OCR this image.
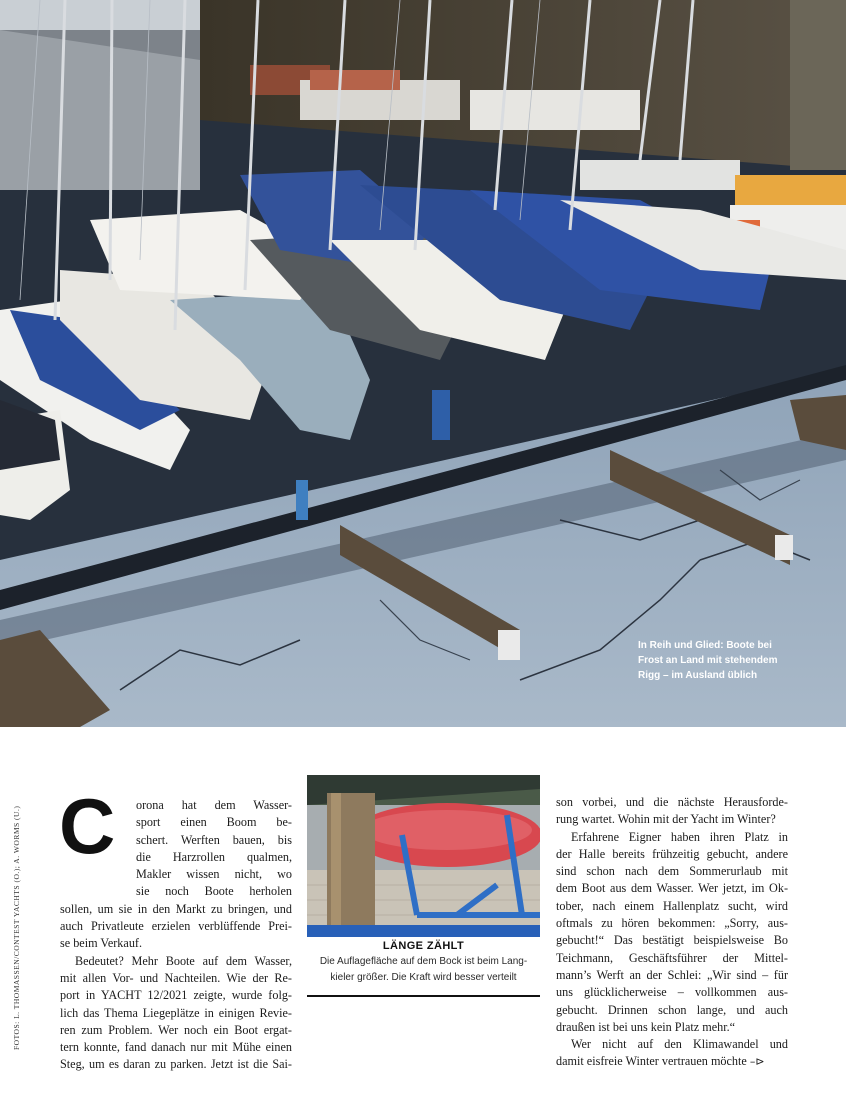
In Reih und Glied: Boote bei
Frost an Land mit stehendem
Rigg – im Ausland üblich
FOTOS: L. THOMASSEN/CONTEST YACHTS (O.); A. WORMS (U.) C	orona hat dem Wasser-
sport einen Boom be-
schert. Werften bauen, bis
die Harzrollen qualmen,
Makler wissen nicht, wo
sie noch Boote herholen
sollen, um sie in den Markt zu bringen, und
auch Privatleute erzielen verblüffende Prei-
se beim Verkauf.
Bedeutet? Mehr Boote auf dem Wasser,
mit allen Vor- und Nachteilen. Wie der Re-
port in YACHT 12/2021 zeigte, wurde folg-
lich das Thema Liegeplätze in einigen Revie-
ren zum Problem. Wer noch ein Boot ergat-
tern konnte, fand danach nur mit Mühe einen
Steg, um es daran zu parken. Jetzt ist die Sai-
LÄNGE ZÄHLT
Die Auflagefläche auf dem Bock ist beim Lang-
kieler größer. Die Kraft wird besser verteilt
son vorbei, und die nächste Herausforde-
rung wartet. Wohin mit der Yacht im Winter?
Erfahrene Eigner haben ihren Platz in
der Halle bereits frühzeitig gebucht, andere
sind schon nach dem Sommerurlaub mit
dem Boot aus dem Wasser. Wer jetzt, im Ok-
tober, nach einem Hallenplatz sucht, wird
oftmals zu hören bekommen: „Sorry, aus-
gebucht!“ Das bestätigt beispielsweise Bo
Teichmann, Geschäftsführer der Mittel-
mann’s Werft an der Schlei: „Wir sind – für
uns glücklicherweise – vollkommen aus-
gebucht. Drinnen schon lange, und auch
draußen ist bei uns kein Platz mehr.“
Wer nicht auf den Klimawandel und
damit eisfreie Winter vertrauen möchte –⊳
